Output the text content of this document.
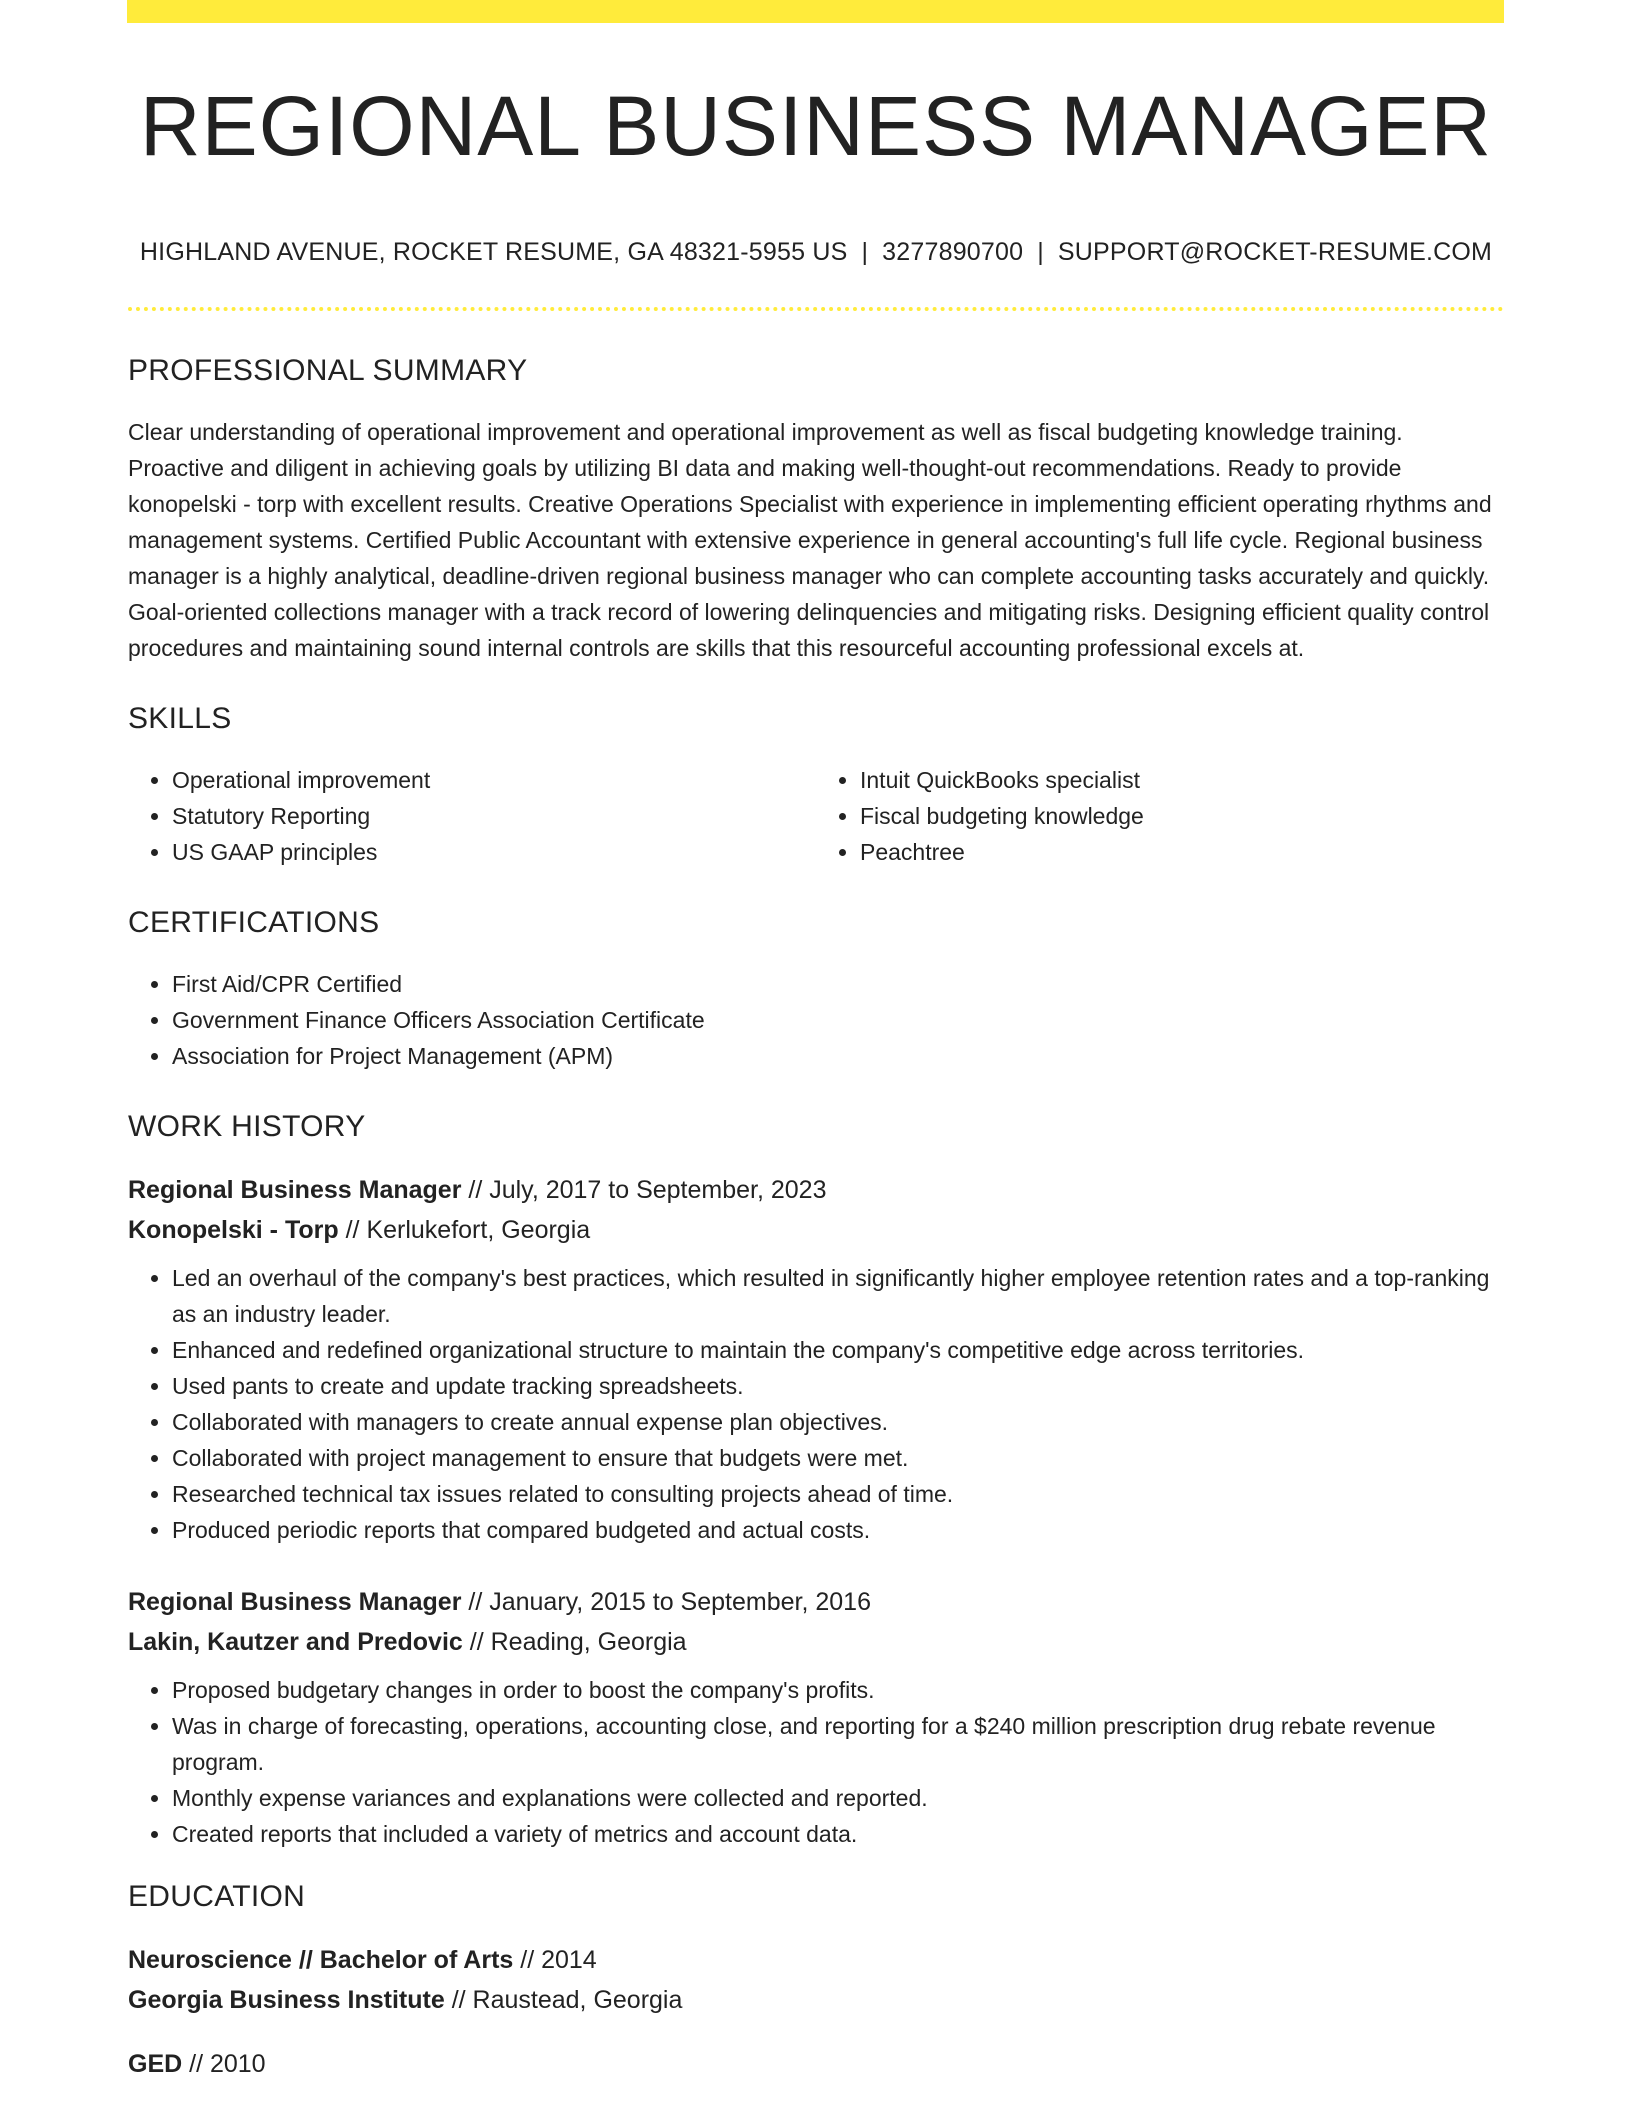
REGIONAL BUSINESS MANAGER
HIGHLAND AVENUE, ROCKET RESUME, GA 48321-5955 US | 3277890700 | SUPPORT@ROCKET-RESUME.COM
PROFESSIONAL SUMMARY

Clear understanding of operational improvement and operational improvement as well as fiscal budgeting knowledge training. Proactive and diligent in achieving goals by utilizing BI data and making well-thought-out recommendations. Ready to provide konopelski - torp with excellent results. Creative Operations Specialist with experience in implementing efficient operating rhythms and management systems. Certified Public Accountant with extensive experience in general accounting's full life cycle. Regional business manager is a highly analytical, deadline-driven regional business manager who can complete accounting tasks accurately and quickly. Goal-oriented collections manager with a track record of lowering delinquencies and mitigating risks. Designing efficient quality control procedures and maintaining sound internal controls are skills that this resourceful accounting professional excels at.

SKILLS
• Operational improvement
• Statutory Reporting
• US GAAP principles
• Intuit QuickBooks specialist
• Fiscal budgeting knowledge
• Peachtree
CERTIFICATIONS
• First Aid/CPR Certified
• Government Finance Officers Association Certificate
• Association for Project Management (APM)
WORK HISTORY
Regional Business Manager // July, 2017 to September, 2023
Konopelski - Torp // Kerlukefort, Georgia
• Led an overhaul of the company's best practices, which resulted in significantly higher employee retention rates and a top-ranking as an industry leader.
• Enhanced and redefined organizational structure to maintain the company's competitive edge across territories.
• Used pants to create and update tracking spreadsheets.
• Collaborated with managers to create annual expense plan objectives.
• Collaborated with project management to ensure that budgets were met.
• Researched technical tax issues related to consulting projects ahead of time.
• Produced periodic reports that compared budgeted and actual costs.
Regional Business Manager // January, 2015 to September, 2016
Lakin, Kautzer and Predovic // Reading, Georgia
• Proposed budgetary changes in order to boost the company's profits.
• Was in charge of forecasting, operations, accounting close, and reporting for a $240 million prescription drug rebate revenue program.
• Monthly expense variances and explanations were collected and reported.
• Created reports that included a variety of metrics and account data.
EDUCATION
Neuroscience // Bachelor of Arts // 2014
Georgia Business Institute // Raustead, Georgia
GED // 2010
